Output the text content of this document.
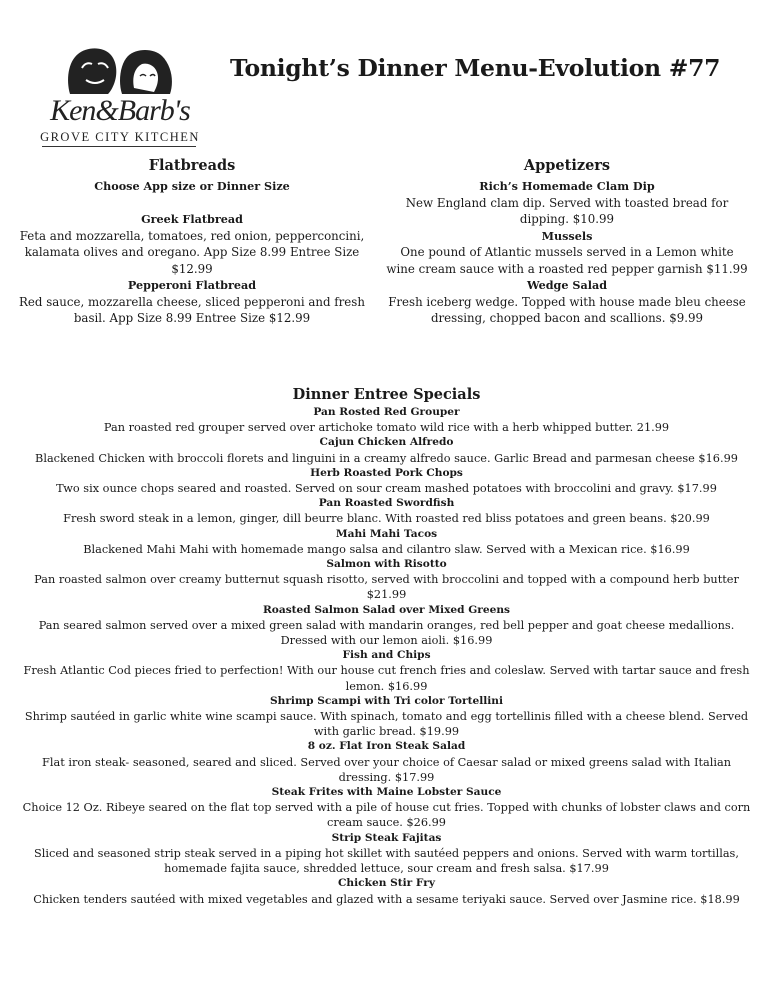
Ken&Barb's
GROVE CITY KITCHEN
Tonight’s Dinner Menu-Evolution #77
Flatbreads
Choose App size or Dinner Size
Greek Flatbread
Feta and mozzarella, tomatoes, red onion, pepperconcini, kalamata olives and oregano. App Size 8.99 Entree Size $12.99
Pepperoni Flatbread
Red sauce, mozzarella cheese, sliced pepperoni and fresh basil. App Size 8.99 Entree Size $12.99
Appetizers
Rich’s Homemade Clam Dip
New England clam dip. Served with toasted bread for dipping. $10.99
Mussels
One pound of Atlantic mussels served in a Lemon white wine cream sauce with a roasted red pepper garnish $11.99
Wedge Salad
Fresh iceberg wedge. Topped with house made bleu cheese dressing, chopped bacon and scallions. $9.99
Dinner Entree Specials
Pan Rosted Red Grouper
Pan roasted red grouper served over artichoke tomato wild rice with a herb whipped butter. 21.99
Cajun Chicken Alfredo
Blackened Chicken with broccoli florets and linguini in a creamy alfredo sauce. Garlic Bread and parmesan cheese $16.99
Herb Roasted Pork Chops
Two six ounce chops seared and roasted. Served on sour cream mashed potatoes with broccolini and gravy. $17.99
Pan Roasted Swordfish
Fresh sword steak in a lemon, ginger, dill beurre blanc. With roasted red bliss potatoes and green beans. $20.99
Mahi Mahi Tacos
Blackened Mahi Mahi with homemade mango salsa and cilantro slaw. Served with a Mexican rice. $16.99
Salmon with Risotto
Pan roasted salmon over creamy butternut squash risotto, served with broccolini and topped with a compound herb butter $21.99
Roasted Salmon Salad over Mixed Greens
Pan seared salmon served over a mixed green salad with mandarin oranges, red bell pepper and goat cheese medallions. Dressed with our lemon aioli. $16.99
Fish and Chips
Fresh Atlantic Cod pieces fried to perfection! With our house cut french fries and coleslaw. Served with tartar sauce and fresh lemon. $16.99
Shrimp Scampi with Tri color Tortellini
Shrimp sautéed in garlic white wine scampi sauce. With spinach, tomato and egg tortellinis filled with a cheese blend. Served with garlic bread. $19.99
8 oz. Flat Iron Steak Salad
Flat iron steak- seasoned, seared and sliced. Served over your choice of Caesar salad or mixed greens salad with Italian dressing. $17.99
Steak Frites with Maine Lobster Sauce
Choice 12 Oz. Ribeye seared on the flat top served with a pile of house cut fries. Topped with chunks of lobster claws and corn cream sauce. $26.99
Strip Steak Fajitas
Sliced and seasoned strip steak served in a piping hot skillet with sautéed peppers and onions. Served with warm tortillas, homemade fajita sauce, shredded lettuce, sour cream and fresh salsa. $17.99
Chicken Stir Fry
Chicken tenders sautéed with mixed vegetables and glazed with a sesame teriyaki sauce. Served over Jasmine rice. $18.99
